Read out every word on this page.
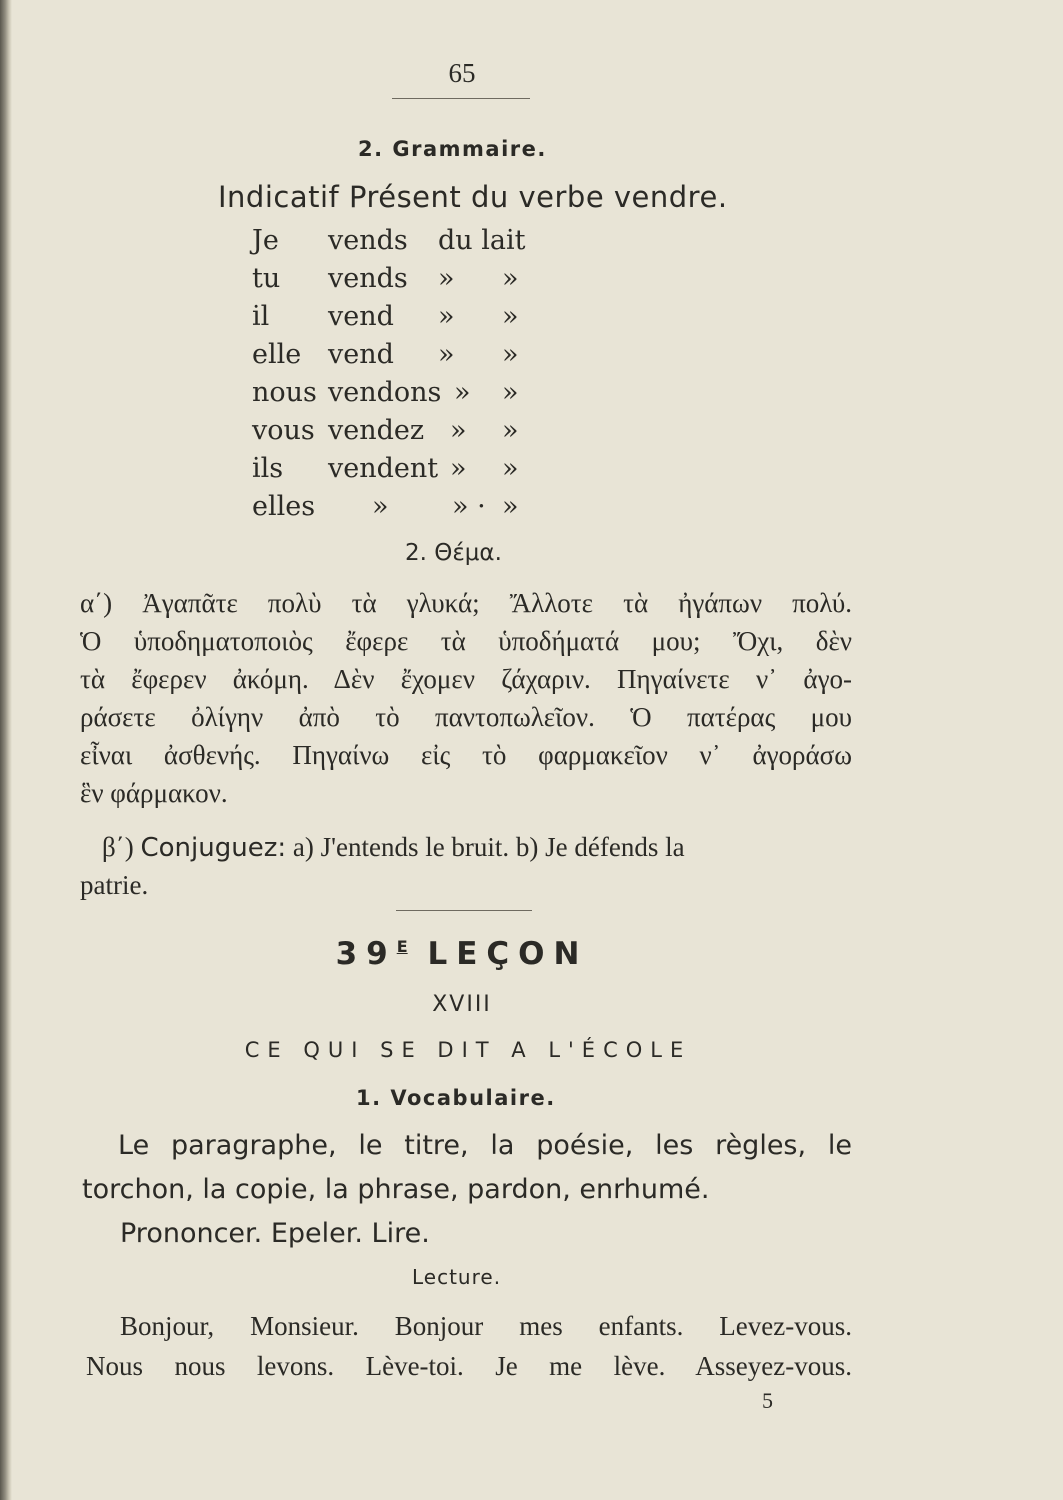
65
2. Grammaire.
Indicatif Présent du verbe vendre.
Je vends du lait
tu vends » »
il vend » »
elle vend » »
nous vendons » »
vous vendez » »
ils vendent » »
elles » » · »
2. Θέμα.
α΄) Ἀγαπᾶτε πολὺ τὰ γλυκά; Ἄλλοτε τὰ ἠγάπων πολύ.
Ὁ ὑποδηματοποιὸς ἔφερε τὰ ὑποδήματά μου; Ὄχι, δὲν
τὰ ἔφερεν ἀκόμη. Δὲν ἔχομεν ζάχαριν. Πηγαίνετε ν᾽ ἀγο-
ράσετε ὀλίγην ἀπὸ τὸ παντοπωλεῖον. Ὁ πατέρας μου
εἶναι ἀσθενής. Πηγαίνω εἰς τὸ φαρμακεῖον ν᾽ ἀγοράσω
ἓν φάρμακον.
β΄) Conjuguez: a) J'entends le bruit. b) Je défends la
patrie.
$39^E$ LEÇON
XVIII
CE QUI SE DIT A L'ÉCOLE
1. Vocabulaire.
Le paragraphe, le titre, la poésie, les règles, le
torchon, la copie, la phrase, pardon, enrhumé.
Prononcer. Epeler. Lire.
Lecture.
Bonjour, Monsieur. Bonjour mes enfants. Levez-vous.
Nous nous levons. Lève-toi. Je me lève. Asseyez-vous.
5
